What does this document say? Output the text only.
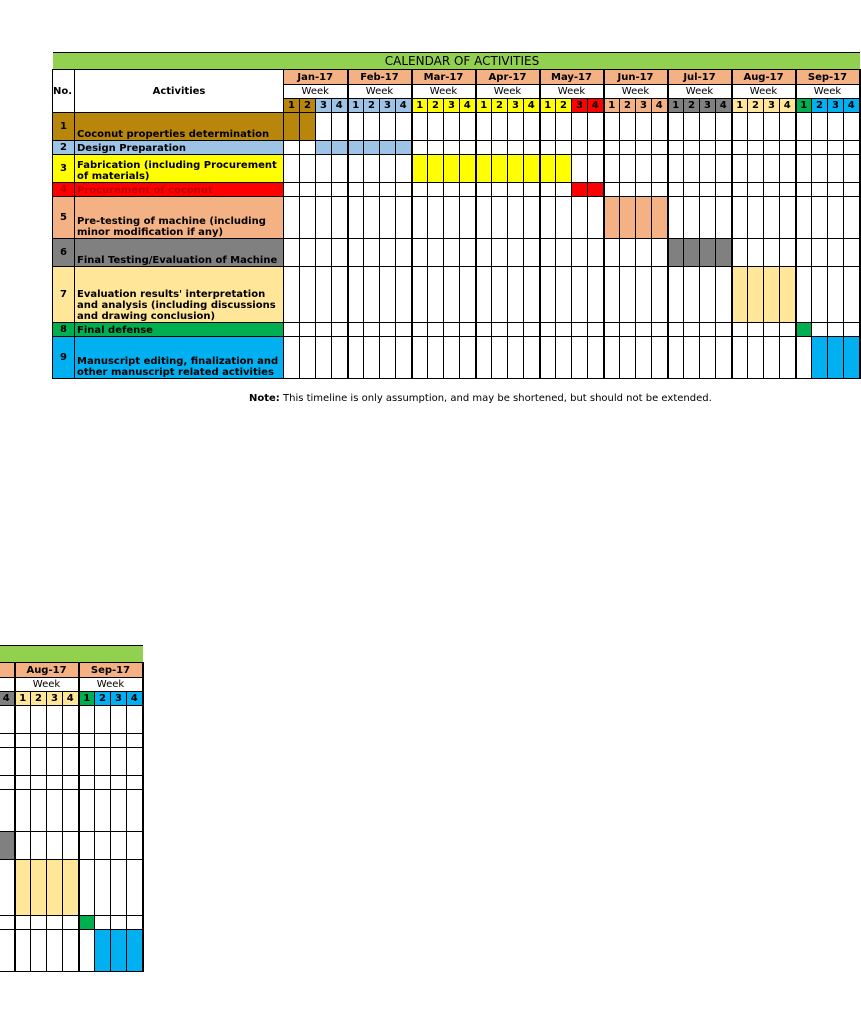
CALENDAR OF ACTIVITIES																																					

No.	Activities	Jan-17				Feb-17				Mar-17				Apr-17				May-17				Jun-17				Jul-17				Aug-17				Sep-17			
		Week				Week				Week				Week				Week				Week				Week				Week				Week			
		1	2	3	4	1	2	3	4	1	2	3	4	1	2	3	4	1	2	3	4	1	2	3	4	1	2	3	4	1	2	3	4	1	2	3	4
1	Coconut properties determination																																				
2	Design Preparation																																				
3	Fabrication (including Procurement of materials)																																				
4	Procurement of coconut																																				
5	Pre-testing of machine (including minor modification if any)																																				
6	Final Testing/Evaluation of Machine																																				
7	Evaluation results' interpretation and analysis (including discussions and drawing conclusion)																																				
8	Final defense																																				
9	Manuscript editing, finalization and other manuscript related activities																																				
Note: This timeline is only assumption, and may be shortened, but should not be extended.

									Aug-17				Sep-17			
							Week				Week			
																											4	1	2	3	4	1	2	3	4
